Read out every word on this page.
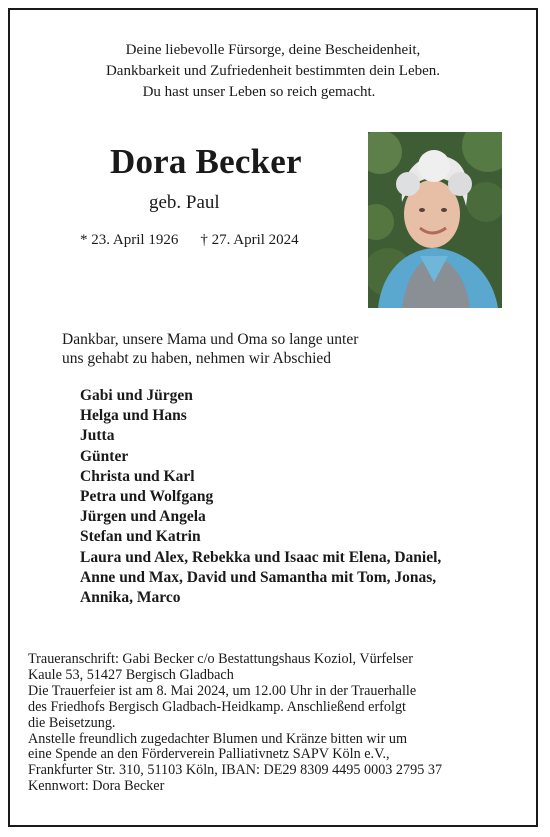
Deine liebevolle Fürsorge, deine Bescheidenheit,
Dankbarkeit und Zufriedenheit bestimmten dein Leben.
Du hast unser Leben so reich gemacht.
Dora Becker
geb. Paul
* 23. April 1926 † 27. April 2024
Dankbar, unsere Mama und Oma so lange unter
uns gehabt zu haben, nehmen wir Abschied
Gabi und Jürgen
Helga und Hans
Jutta
Günter
Christa und Karl
Petra und Wolfgang
Jürgen und Angela
Stefan und Katrin
Laura und Alex, Rebekka und Isaac mit Elena, Daniel,
Anne und Max, David und Samantha mit Tom, Jonas,
Annika, Marco
Traueranschrift: Gabi Becker c/o Bestattungshaus Koziol, Vürfelser
Kaule 53, 51427 Bergisch Gladbach
Die Trauerfeier ist am 8. Mai 2024, um 12.00 Uhr in der Trauerhalle
des Friedhofs Bergisch Gladbach-Heidkamp. Anschließend erfolgt
die Beisetzung.
Anstelle freundlich zugedachter Blumen und Kränze bitten wir um
eine Spende an den Förderverein Palliativnetz SAPV Köln e.V.,
Frankfurter Str. 310, 51103 Köln, IBAN: DE29 8309 4495 0003 2795 37
Kennwort: Dora Becker
